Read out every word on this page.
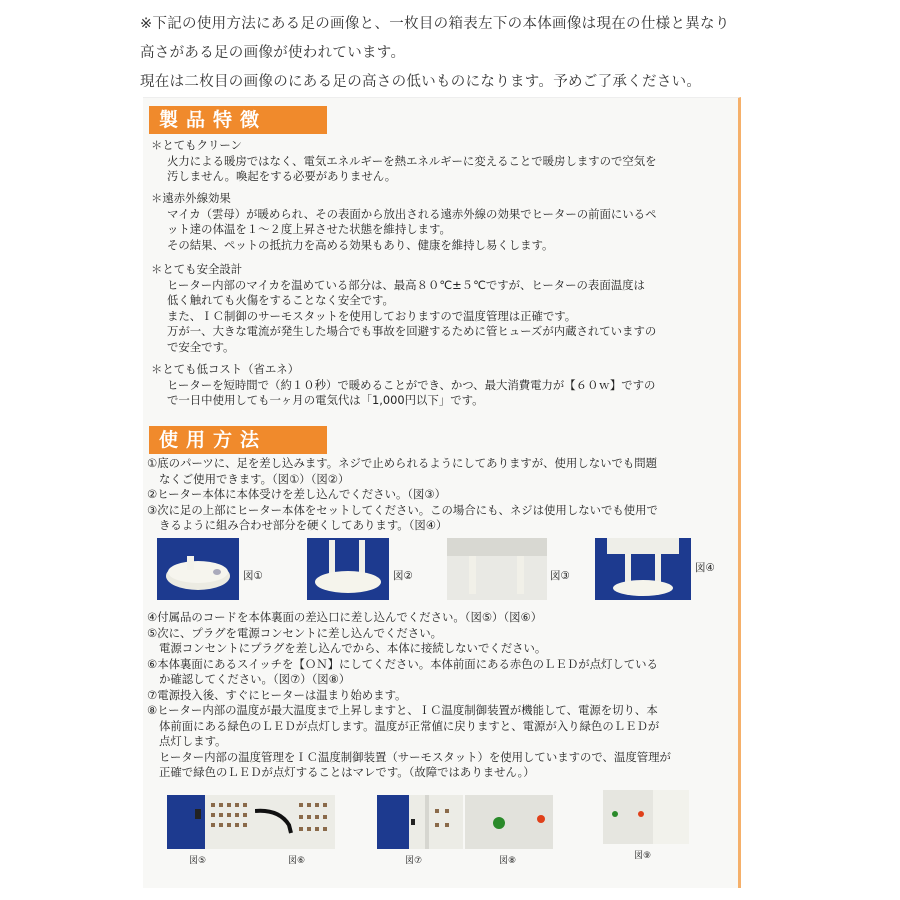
※下記の使用方法にある足の画像と、一枚目の箱表左下の本体画像は現在の仕様と異なり
高さがある足の画像が使われています。
現在は二枚目の画像のにある足の高さの低いものになります。予めご了承ください。
製品特徴
＊とてもクリーン
火力による暖房ではなく、電気エネルギーを熱エネルギーに変えることで暖房しますので空気を
汚しません。喚起をする必要がありません。
＊遠赤外線効果
マイカ（雲母）が暖められ、その表面から放出される遠赤外線の効果でヒーターの前面にいるペ
ット達の体温を１～２度上昇させた状態を維持します。
その結果、ペットの抵抗力を高める効果もあり、健康を維持し易くします。
＊とても安全設計
ヒーター内部のマイカを温めている部分は、最高８０℃±５℃ですが、ヒーターの表面温度は
低く触れても火傷をすることなく安全です。
また、ＩＣ制御のサーモスタットを使用しておりますので温度管理は正確です。
万が一、大きな電流が発生した場合でも事故を回避するために管ヒューズが内蔵されていますの
で安全です。
＊とても低コスト（省エネ）
ヒーターを短時間で（約１０秒）で暖めることができ、かつ、最大消費電力が【６０ｗ】ですの
で一日中使用しても一ヶ月の電気代は「1,000円以下」です。
使用方法
①底のパーツに、足を差し込みます。ネジで止められるようにしてありますが、使用しないでも問題
なくご使用できます。（図①）（図②）
②ヒーター本体に本体受けを差し込んでください。（図③）
③次に足の上部にヒーター本体をセットしてください。この場合にも、ネジは使用しないでも使用で
きるように組み合わせ部分を硬くしてあります。（図④）
図①	図②	図③
図④
④付属品のコードを本体裏面の差込口に差し込んでください。（図⑤）（図⑥）
⑤次に、プラグを電源コンセントに差し込んでください。
電源コンセントにプラグを差し込んでから、本体に接続しないでください。
⑥本体裏面にあるスイッチを【ＯＮ】にしてください。本体前面にある赤色のＬＥＤが点灯している
か確認してください。（図⑦）（図⑧）
⑦電源投入後、すぐにヒーターは温まり始めます。
⑧ヒーター内部の温度が最大温度まで上昇しますと、ＩＣ温度制御装置が機能して、電源を切り、本
体前面にある緑色のＬＥＤが点灯します。温度が正常値に戻りますと、電源が入り緑色のＬＥＤが
点灯します。
ヒーター内部の温度管理をＩＣ温度制御装置（サーモスタット）を使用していますので、温度管理が
正確で緑色のＬＥＤが点灯することはマレです。（故障ではありません。）
図⑤	図⑥	図⑦	図⑧	図⑨
